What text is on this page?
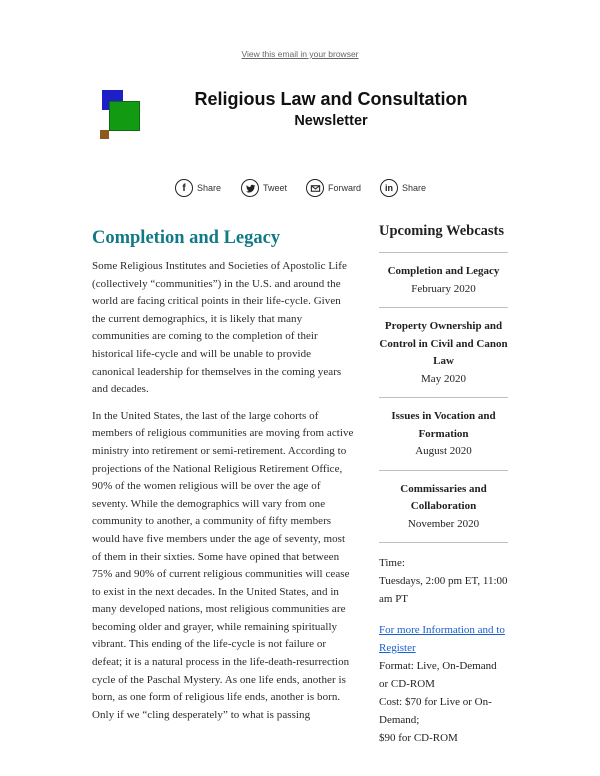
View this email in your browser
Religious Law and Consultation
Newsletter
f	Share	Tweet	Forward	in	Share
Completion and Legacy

Some Religious Institutes and Societies of Apostolic Life (collectively “communities”) in the U.S. and around the world are facing critical points in their life-cycle. Given the current demographics, it is likely that many communities are coming to the completion of their historical life-cycle and will be unable to provide canonical leadership for themselves in the coming years and decades.

In the United States, the last of the large cohorts of members of religious communities are moving from active ministry into retirement or semi-retirement. According to projections of the National Religious Retirement Office, 90% of the women religious will be over the age of seventy. While the demographics will vary from one community to another, a community of fifty members would have five members under the age of seventy, most of them in their sixties. Some have opined that between 75% and 90% of current religious communities will cease to exist in the next decades. In the United States, and in many developed nations, most religious communities are becoming older and grayer, while remaining spiritually vibrant. This ending of the life-cycle is not failure or defeat; it is a natural process in the life-death-resurrection cycle of the Paschal Mystery. As one life ends, another is born, as one form of religious life ends, another is born. Only if we “cling desperately” to what is passing

Upcoming Webcasts
Completion and Legacy
February 2020
Property Ownership and Control in Civil and Canon Law
May 2020
Issues in Vocation and Formation
August 2020
Commissaries and Collaboration
November 2020
Time:
Tuesdays, 2:00 pm ET, 11:00 am PT
For more Information and to Register
Format: Live, On-Demand or CD-ROM
Cost: $70 for Live or On-Demand;
$90 for CD-ROM
